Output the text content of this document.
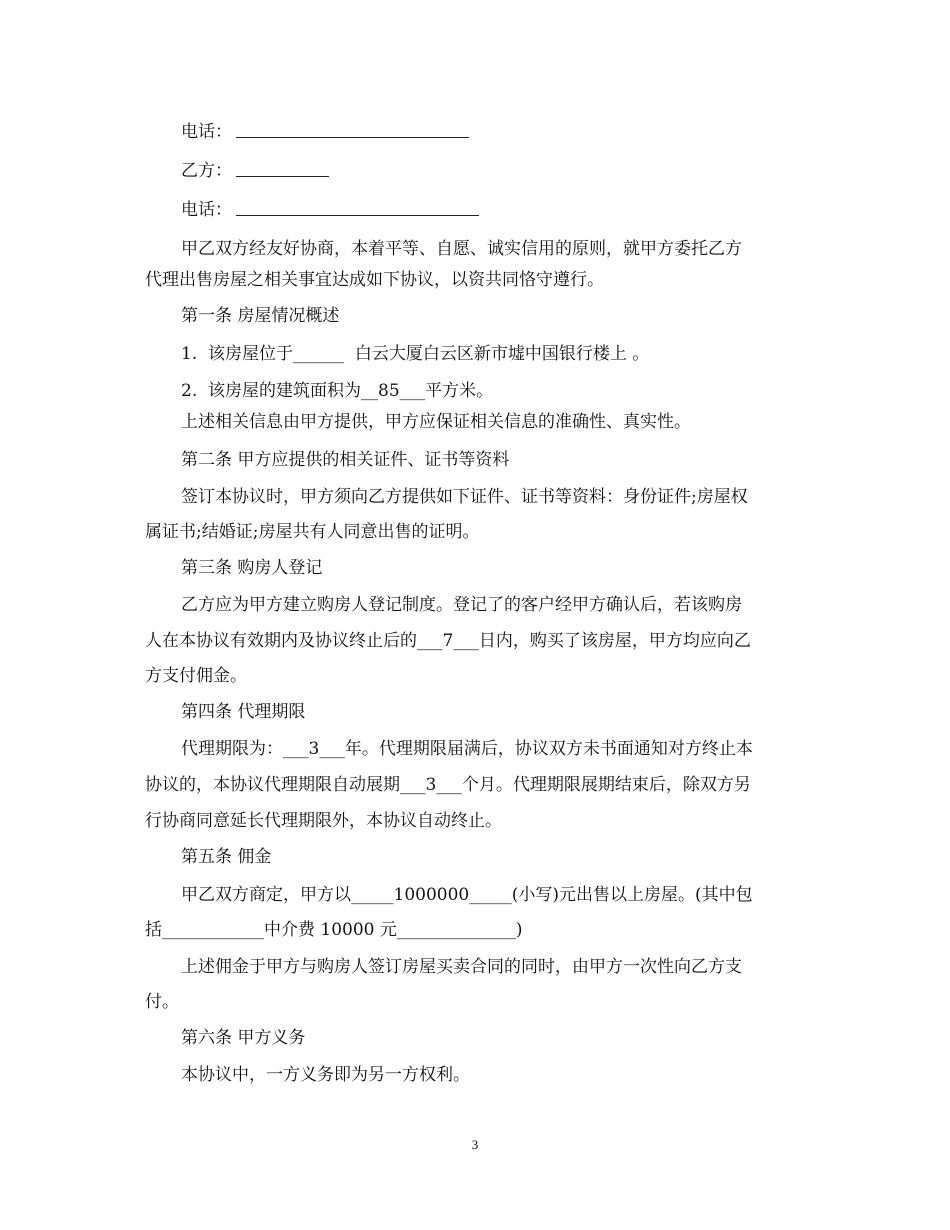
电话：

乙方：

电话：

甲乙双方经友好协商，本着平等、自愿、诚实信用的原则，就甲方委托乙方

代理出售房屋之相关事宜达成如下协议，以资共同恪守遵行。

第一条 房屋情况概述

1.  该房屋位于______  白云大厦白云区新市墟中国银行楼上 。

2.  该房屋的建筑面积为__85___平方米。

上述相关信息由甲方提供，甲方应保证相关信息的准确性、真实性。

第二条 甲方应提供的相关证件、证书等资料

签订本协议时，甲方须向乙方提供如下证件、证书等资料：身份证件;房屋权

属证书;结婚证;房屋共有人同意出售的证明。

第三条 购房人登记

乙方应为甲方建立购房人登记制度。登记了的客户经甲方确认后，若该购房

人在本协议有效期内及协议终止后的___7___日内，购买了该房屋，甲方均应向乙

方支付佣金。

第四条 代理期限

代理期限为：___3___年。代理期限届满后，协议双方未书面通知对方终止本

协议的，本协议代理期限自动展期___3___个月。代理期限展期结束后，除双方另

行协商同意延长代理期限外，本协议自动终止。

第五条 佣金

甲乙双方商定，甲方以_____1000000_____(小写)元出售以上房屋。(其中包

括____________中介费 10000 元______________)

上述佣金于甲方与购房人签订房屋买卖合同的同时，由甲方一次性向乙方支

付。

第六条 甲方义务

本协议中，一方义务即为另一方权利。

3
